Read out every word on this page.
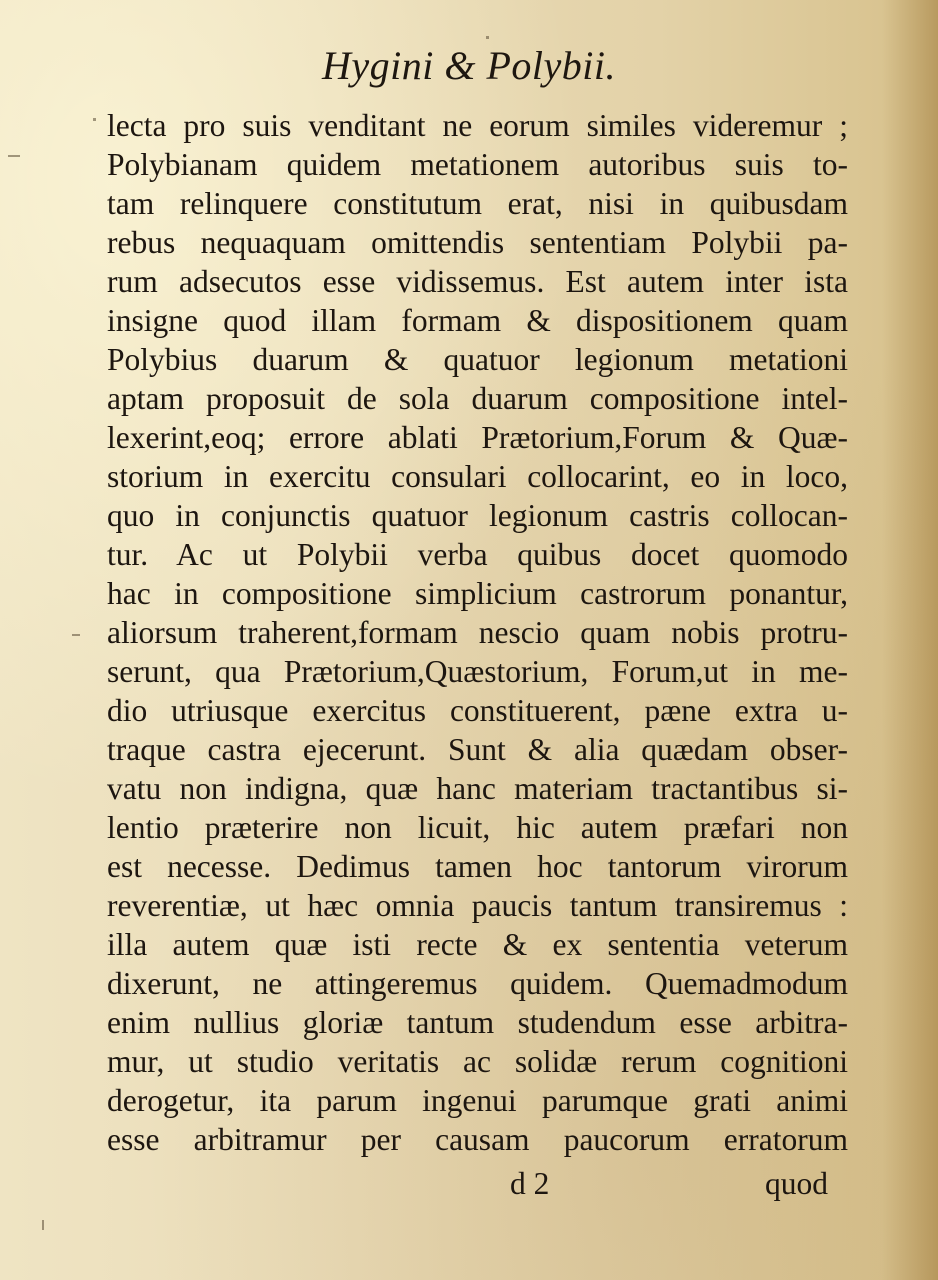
Hygini & Polybii.
lecta pro suis venditant ne eorum similes videremur ;
Polybianam quidem metationem autoribus suis to-
tam relinquere constitutum erat, nisi in quibusdam
rebus nequaquam omittendis sententiam Polybii pa-
rum adsecutos esse vidissemus. Est autem inter ista
insigne quod illam formam & dispositionem quam
Polybius duarum & quatuor legionum metationi
aptam proposuit de sola duarum compositione intel-
lexerint,eoq; errore ablati Prætorium,Forum & Quæ-
storium in exercitu consulari collocarint, eo in loco,
quo in conjunctis quatuor legionum castris collocan-
tur. Ac ut Polybii verba quibus docet quomodo
hac in compositione simplicium castrorum ponantur,
aliorsum traherent,formam nescio quam nobis protru-
serunt, qua Prætorium,Quæstorium, Forum,ut in me-
dio utriusque exercitus constituerent, pæne extra u-
traque castra ejecerunt. Sunt & alia quædam obser-
vatu non indigna, quæ hanc materiam tractantibus si-
lentio præterire non licuit, hic autem præfari non
est necesse. Dedimus tamen hoc tantorum virorum
reverentiæ, ut hæc omnia paucis tantum transiremus :
illa autem quæ isti recte & ex sententia veterum
dixerunt, ne attingeremus quidem. Quemadmodum
enim nullius gloriæ tantum studendum esse arbitra-
mur, ut studio veritatis ac solidæ rerum cognitioni
derogetur, ita parum ingenui parumque grati animi
esse arbitramur per causam paucorum erratorum
d 2	quod
